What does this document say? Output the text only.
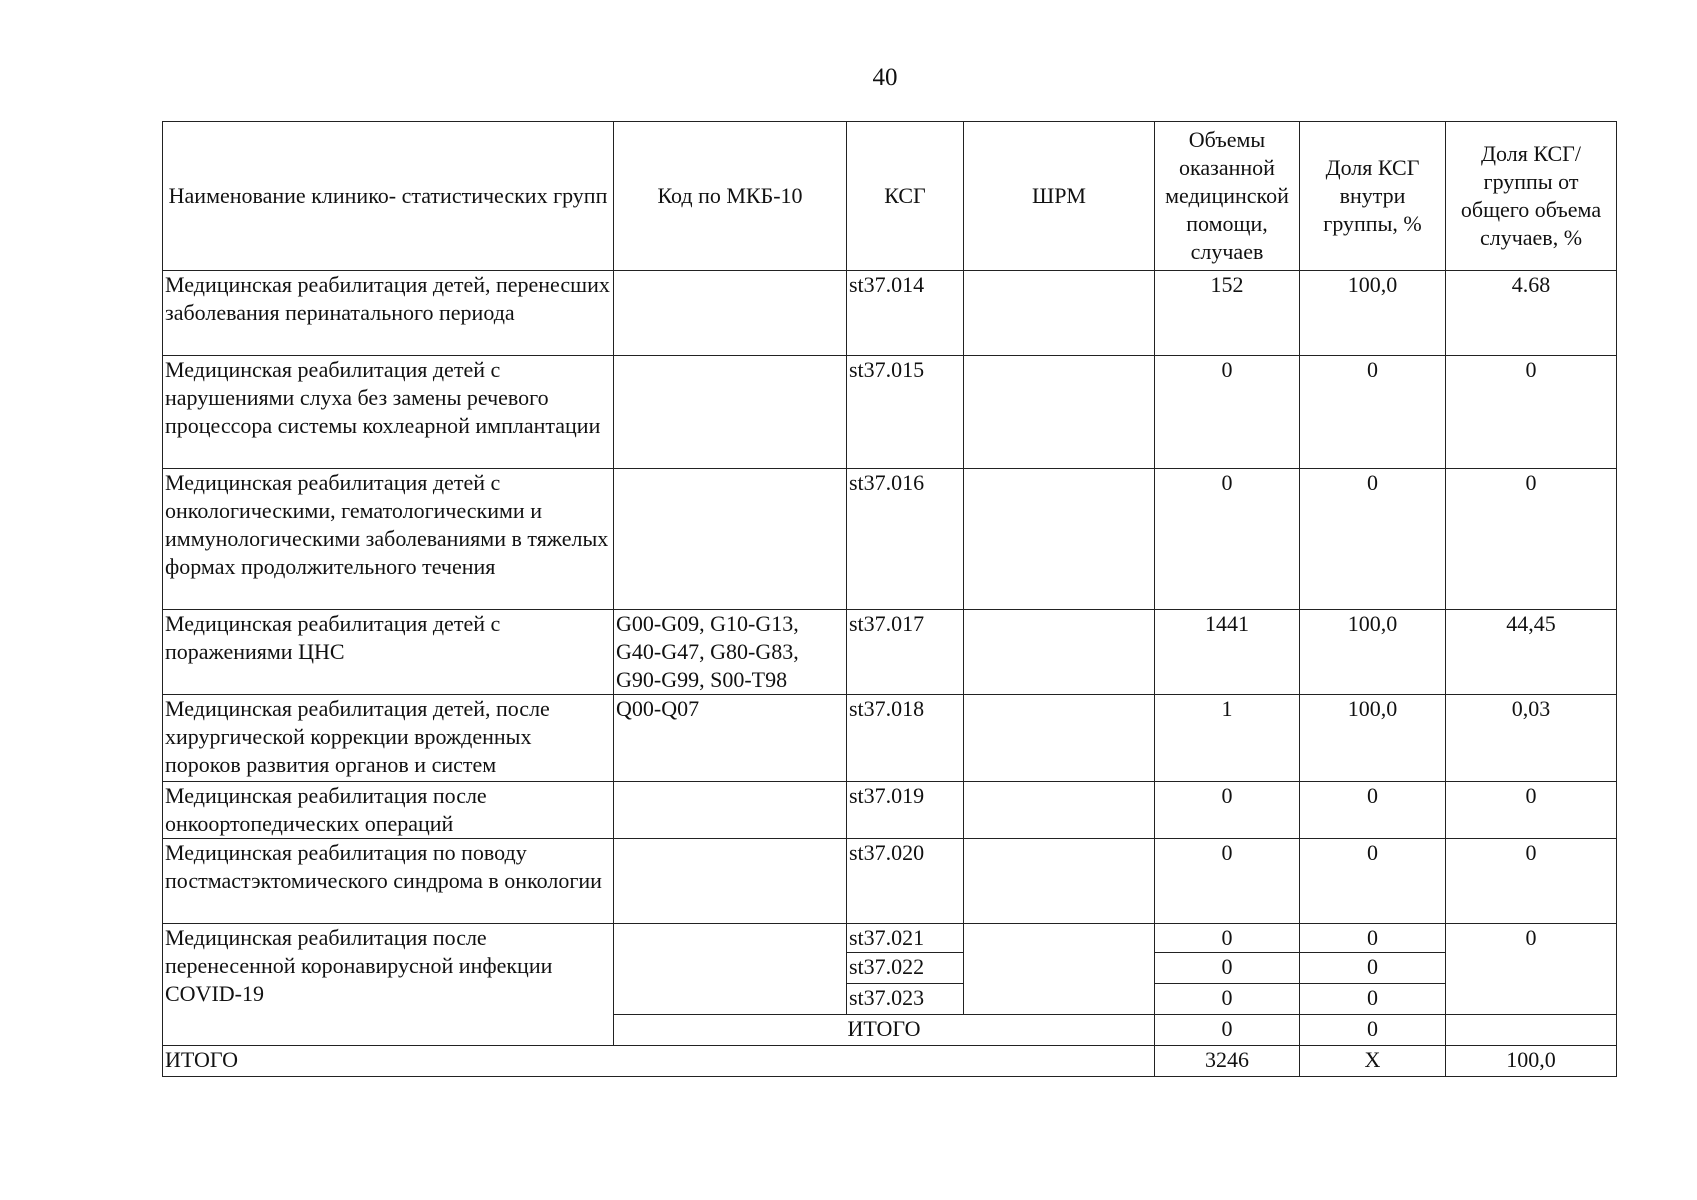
40
Наименование клинико- статистических групп	Код по МКБ-10	КСГ	ШРМ	Объемы оказанной медицинской помощи, случаев	Доля КСГ внутри группы, %	Доля КСГ/группы от общего объема случаев, %
Медицинская реабилитация детей, перенесших заболевания перинатального периода		st37.014		152	100,0	4.68
Медицинская реабилитация детей с нарушениями слуха без замены речевого процессора системы кохлеарной имплантации		st37.015		0	0	0
Медицинская реабилитация детей с онкологическими, гематологическими и иммунологическими заболеваниями в тяжелых формах продолжительного течения		st37.016		0	0	0
Медицинская реабилитация детей с поражениями ЦНС	G00-G09, G10-G13, G40-G47, G80-G83, G90-G99, S00-T98	st37.017		1441	100,0	44,45
Медицинская реабилитация детей, после хирургической коррекции врожденных пороков развития органов и систем	Q00-Q07	st37.018		1	100,0	0,03
Медицинская реабилитация после онкоортопедических операций		st37.019		0	0	0
Медицинская реабилитация по поводу постмастэктомического синдрома в онкологии		st37.020		0	0	0
Медицинская реабилитация после перенесенной коронавирусной инфекции COVID-19		st37.021		0	0	0
		st37.022		0	0	
		st37.023		0	0	
	ИТОГО			0	0	
ИТОГО				3246	X	100,0
